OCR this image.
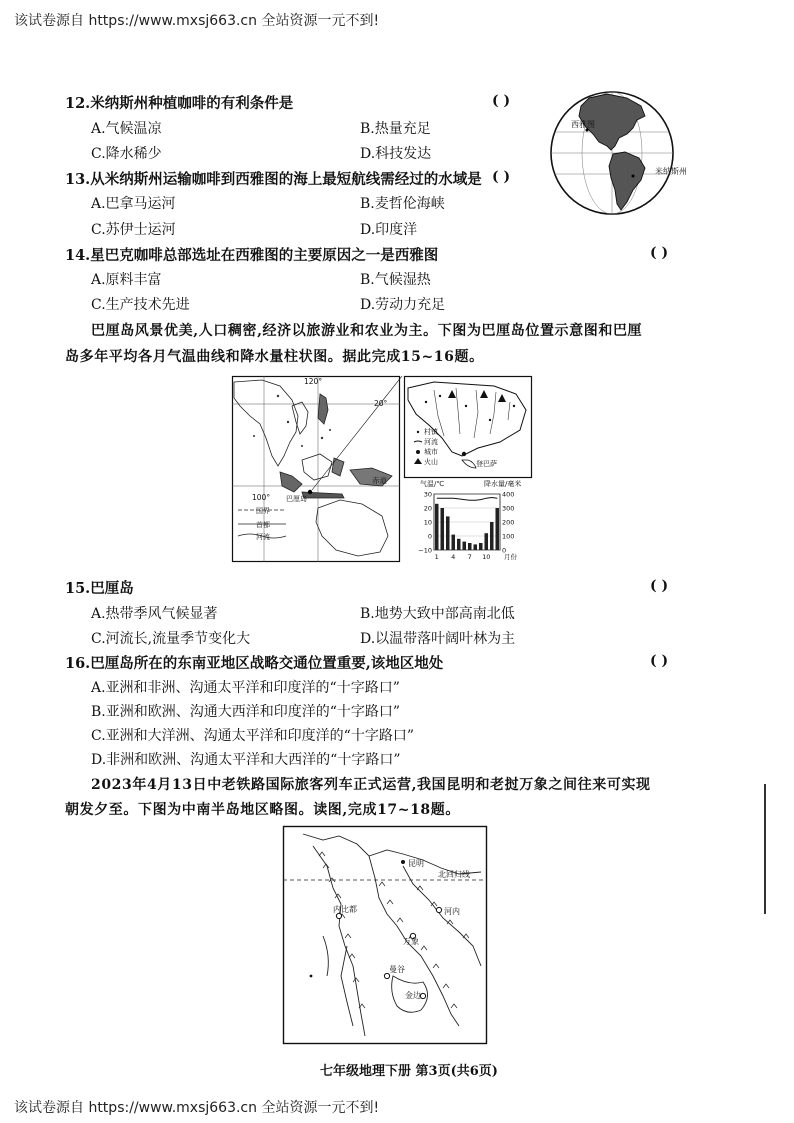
该试卷源自 https://www.mxsj663.cn 全站资源一元不到!
12.米纳斯州种植咖啡的有利条件是	( )
A.气候温凉	B.热量充足
C.降水稀少	D.科技发达
13.从米纳斯州运输咖啡到西雅图的海上最短航线需经过的水域是 ( )
A.巴拿马运河	B.麦哲伦海峡
C.苏伊士运河	D.印度洋
西雅图
米纳斯州
14.星巴克咖啡总部选址在西雅图的主要原因之一是西雅图	( )
A.原料丰富	B.气候湿热
C.生产技术先进	D.劳动力充足
巴厘岛风景优美,人口稠密,经济以旅游业和农业为主。下图为巴厘岛位置示意图和巴厘
岛多年平均各月气温曲线和降水量柱状图。据此完成15~16题。
120°
20°
赤道
100° 巴厘岛
国界
首都
河流
村镇
河流
城市
火山	登巴萨
气温/℃	降水量/毫米
30
20
10
0
−10
400
300
200
100
0
1 4 7 10 月份
15.巴厘岛	( )
A.热带季风气候显著	B.地势大致中部高南北低
C.河流长,流量季节变化大	D.以温带落叶阔叶林为主
16.巴厘岛所在的东南亚地区战略交通位置重要,该地区地处	( )
A.亚洲和非洲、沟通太平洋和印度洋的“十字路口”
B.亚洲和欧洲、沟通大西洋和印度洋的“十字路口”
C.亚洲和大洋洲、沟通太平洋和印度洋的“十字路口”
D.非洲和欧洲、沟通太平洋和大西洋的“十字路口”
2023年4月13日中老铁路国际旅客列车正式运营,我国昆明和老挝万象之间往来可实现
朝发夕至。下图为中南半岛地区略图。读图,完成17~18题。
昆明
北回归线
内比都	河内
万象
曼谷
金边
七年级地理下册 第3页(共6页)
该试卷源自 https://www.mxsj663.cn 全站资源一元不到!
